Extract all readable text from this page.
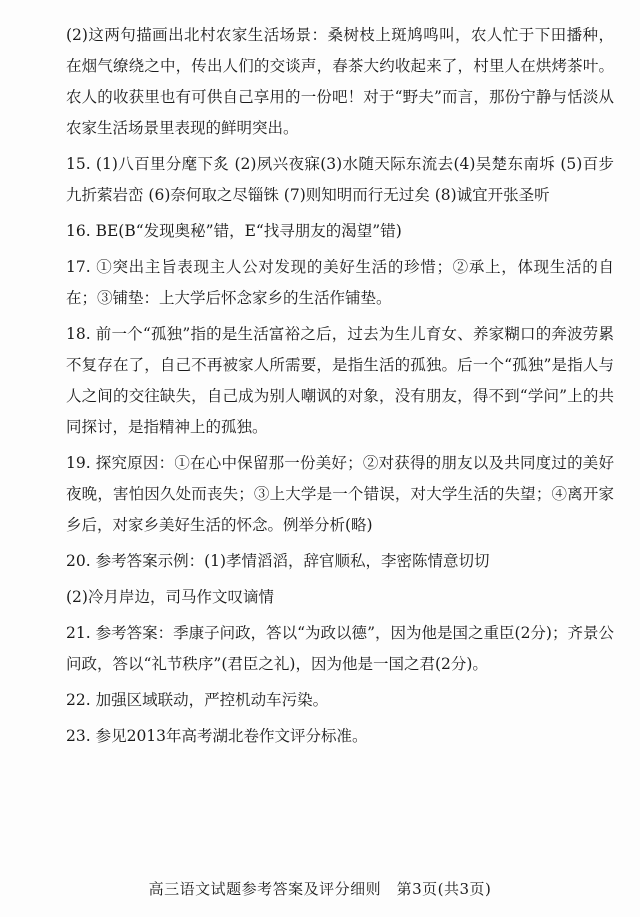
(2)这两句描画出北村农家生活场景：桑树枝上斑鸠鸣叫，农人忙于下田播种，在烟气缭绕之中，传出人们的交谈声，春茶大约收起来了，村里人在烘烤茶叶。农人的收获里也有可供自己享用的一份吧！对于“野夫”而言，那份宁静与恬淡从农家生活场景里表现的鲜明突出。

15. (1)八百里分麾下炙 (2)夙兴夜寐(3)水随天际东流去(4)吴楚东南坼 (5)百步九折萦岩峦 (6)奈何取之尽锱铢 (7)则知明而行无过矣 (8)诚宜开张圣听

16. BE(B“发现奥秘”错，E“找寻朋友的渴望”错)

17. ①突出主旨表现主人公对发现的美好生活的珍惜；②承上，体现生活的自在；③铺垫：上大学后怀念家乡的生活作铺垫。

18. 前一个“孤独”指的是生活富裕之后，过去为生儿育女、养家糊口的奔波劳累不复存在了，自己不再被家人所需要，是指生活的孤独。后一个“孤独”是指人与人之间的交往缺失，自己成为别人嘲讽的对象，没有朋友，得不到“学问”上的共同探讨，是指精神上的孤独。

19. 探究原因：①在心中保留那一份美好；②对获得的朋友以及共同度过的美好夜晚，害怕因久处而丧失；③上大学是一个错误，对大学生活的失望；④离开家乡后，对家乡美好生活的怀念。例举分析(略)

20. 参考答案示例：(1)孝情滔滔，辞官顺私，李密陈情意切切

(2)冷月岸边，司马作文叹谪情

21. 参考答案：季康子问政，答以“为政以德”，因为他是国之重臣(2分)；齐景公问政，答以“礼节秩序”(君臣之礼)，因为他是一国之君(2分)。

22. 加强区域联动，严控机动车污染。

23. 参见2013年高考湖北卷作文评分标准。

高三语文试题参考答案及评分细则　第3页(共3页)
